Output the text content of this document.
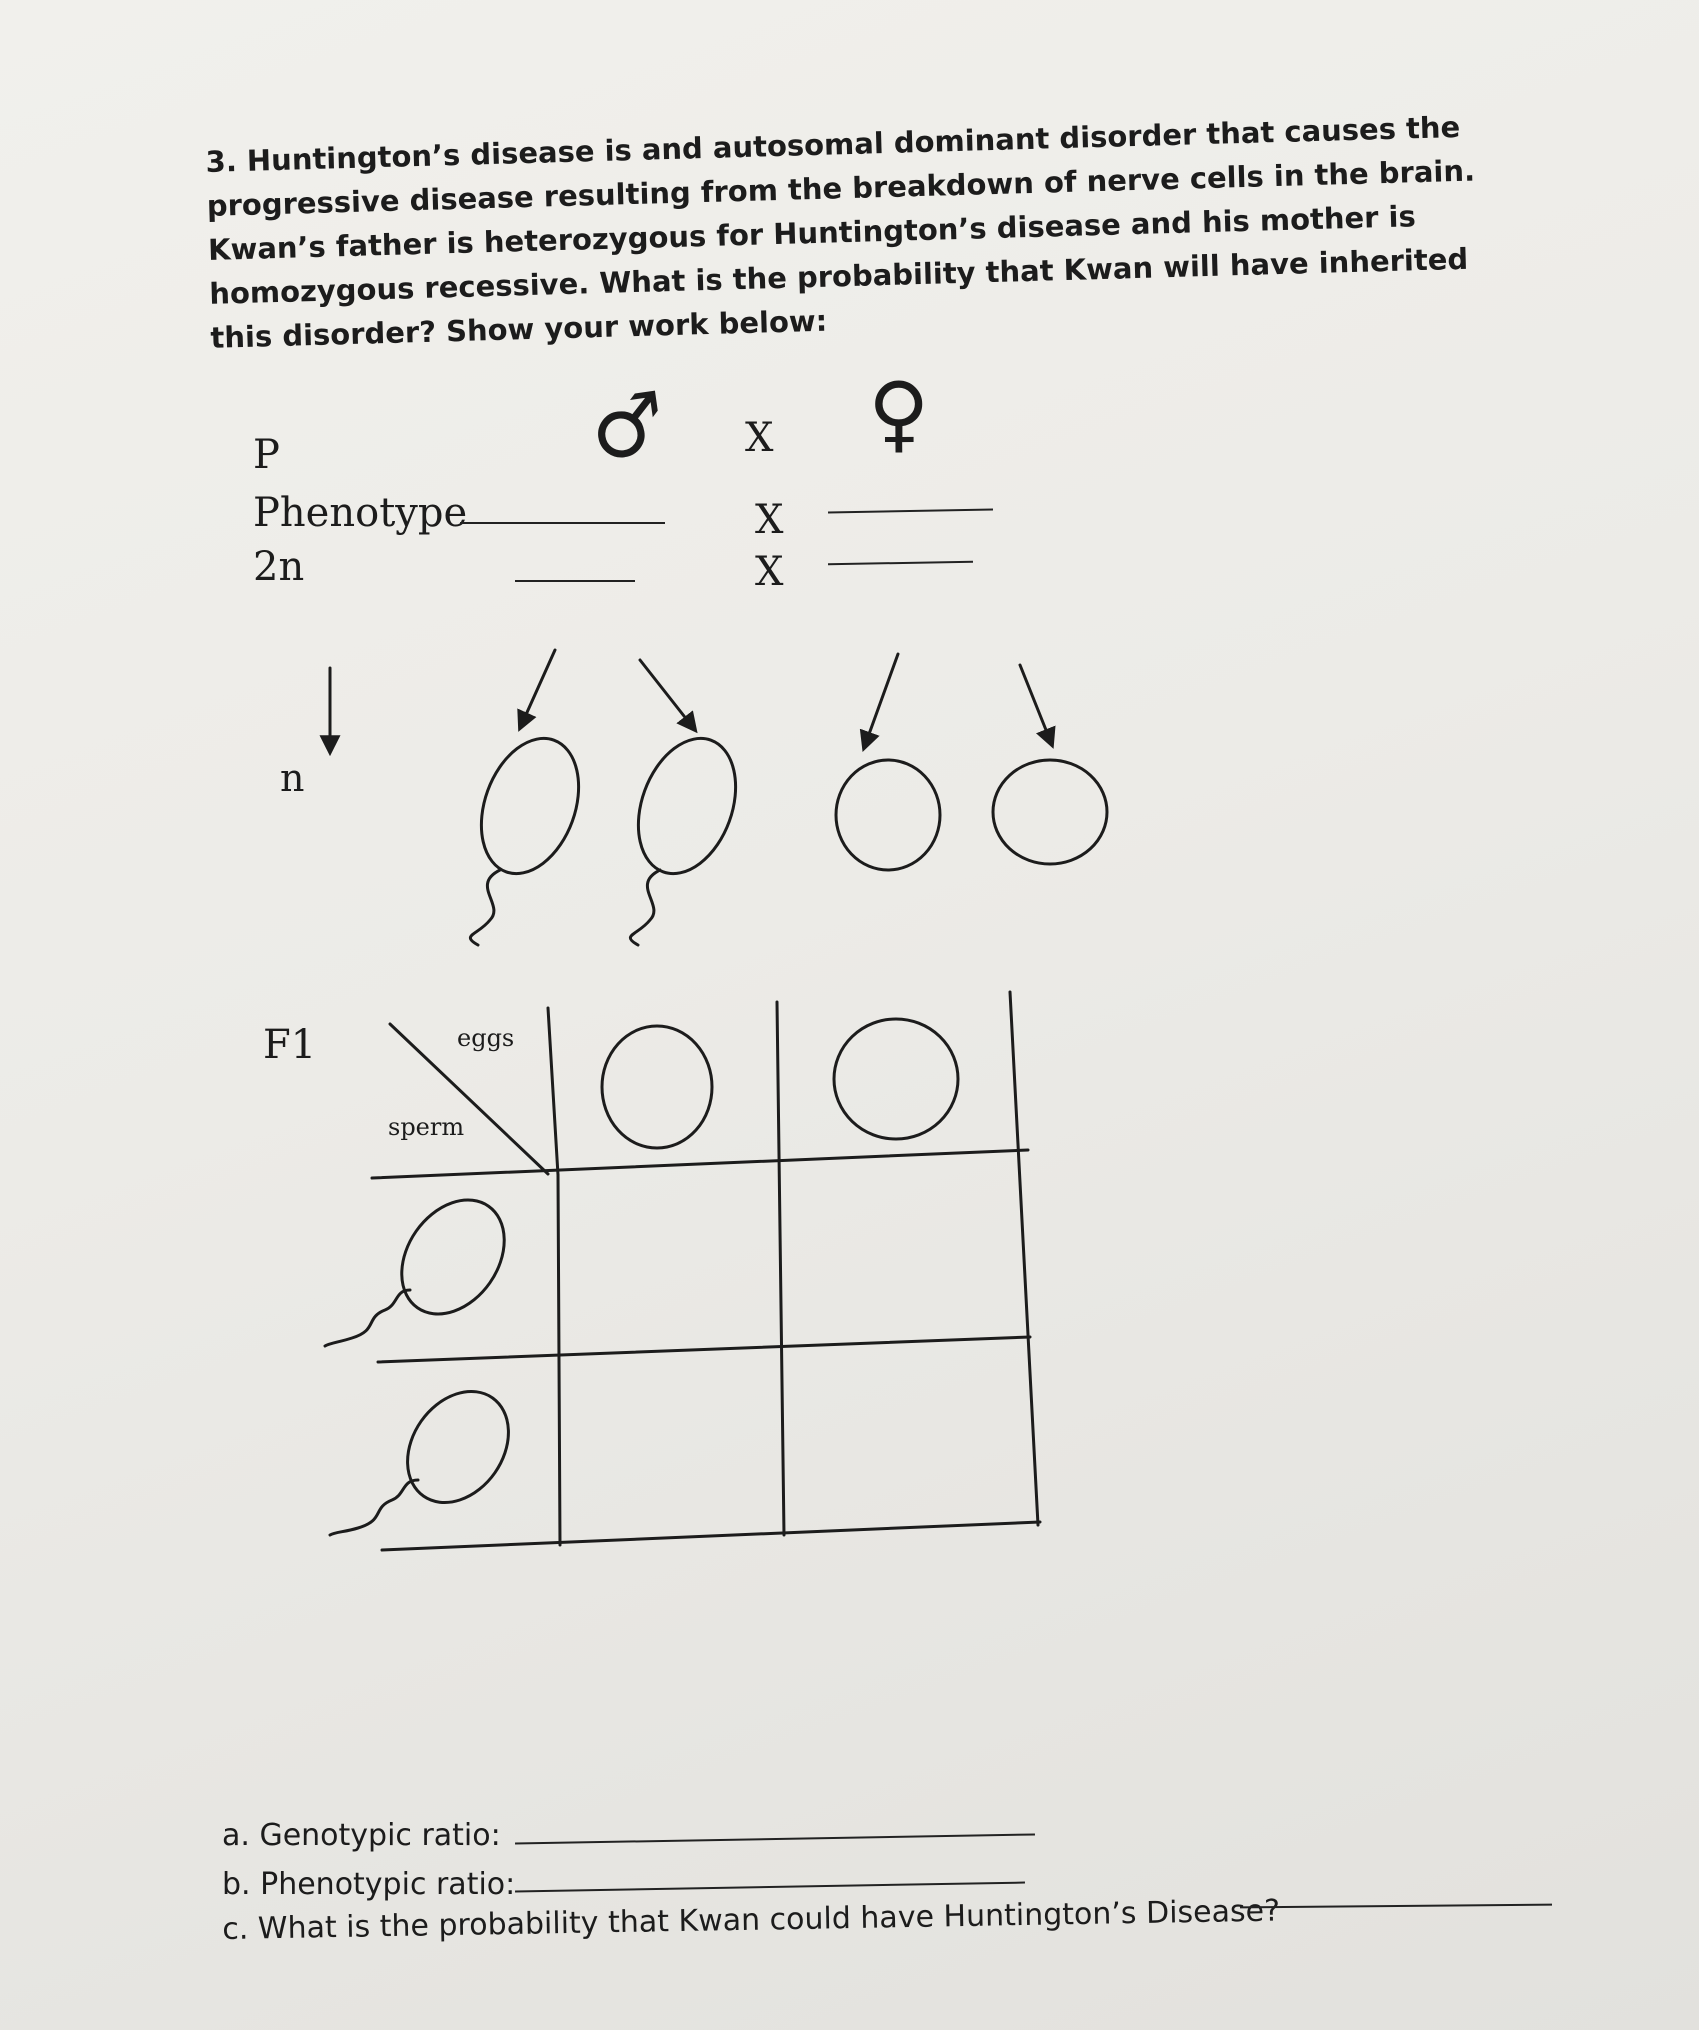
3. Huntington’s disease is and autosomal dominant disorder that causes the progressive disease resulting from the breakdown of nerve cells in the brain. Kwan’s father is heterozygous for Huntington’s disease and his mother is homozygous recessive. What is the probability that Kwan will have inherited this disorder? Show your work below:

P	♂ X ♀
Phenotype	X
2n	X
n
F1	eggs
sperm
a. Genotypic ratio:
b. Phenotypic ratio:
c. What is the probability that Kwan could have Huntington’s Disease?
